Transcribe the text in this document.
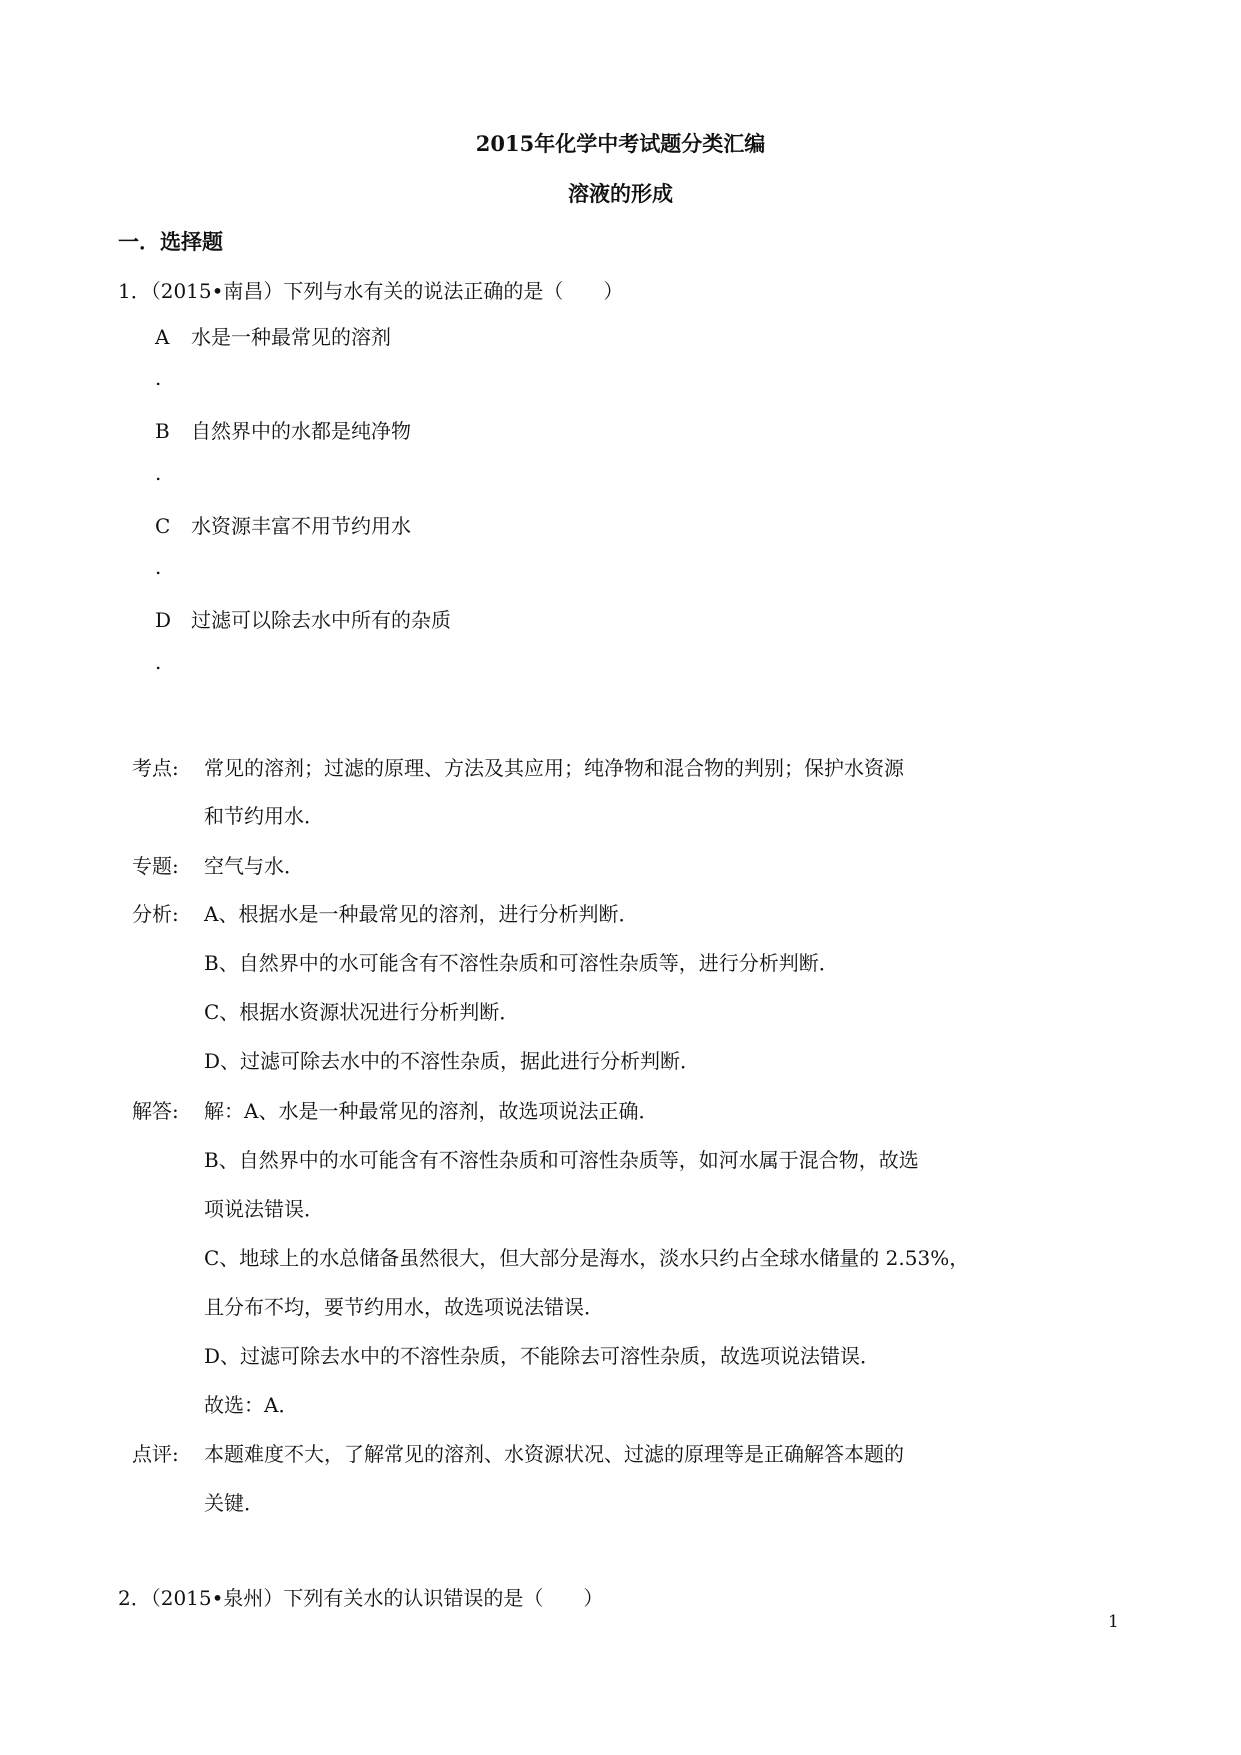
2015年化学中考试题分类汇编
溶液的形成
一．选择题

1．（2015•南昌）下列与水有关的说法正确的是（　　）

A 水是一种最常见的溶剂
.
B 自然界中的水都是纯净物
.
C 水资源丰富不用节约用水
.
D 过滤可以除去水中所有的杂质
.
考点: 常见的溶剂；过滤的原理、方法及其应用；纯净物和混合物的判别；保护水资源
和节约用水．
专题: 空气与水．
分析: A、根据水是一种最常见的溶剂，进行分析判断．
B、自然界中的水可能含有不溶性杂质和可溶性杂质等，进行分析判断．
C、根据水资源状况进行分析判断．
D、过滤可除去水中的不溶性杂质，据此进行分析判断．
解答: 解：A、水是一种最常见的溶剂，故选项说法正确．
B、自然界中的水可能含有不溶性杂质和可溶性杂质等，如河水属于混合物，故选
项说法错误．
C、地球上的水总储备虽然很大，但大部分是海水，淡水只约占全球水储量的 2.53%，
且分布不均，要节约用水，故选项说法错误．
D、过滤可除去水中的不溶性杂质，不能除去可溶性杂质，故选项说法错误．
故选：A．
点评: 本题难度不大，了解常见的溶剂、水资源状况、过滤的原理等是正确解答本题的
关键．

2．（2015•泉州）下列有关水的认识错误的是（　　）

1
